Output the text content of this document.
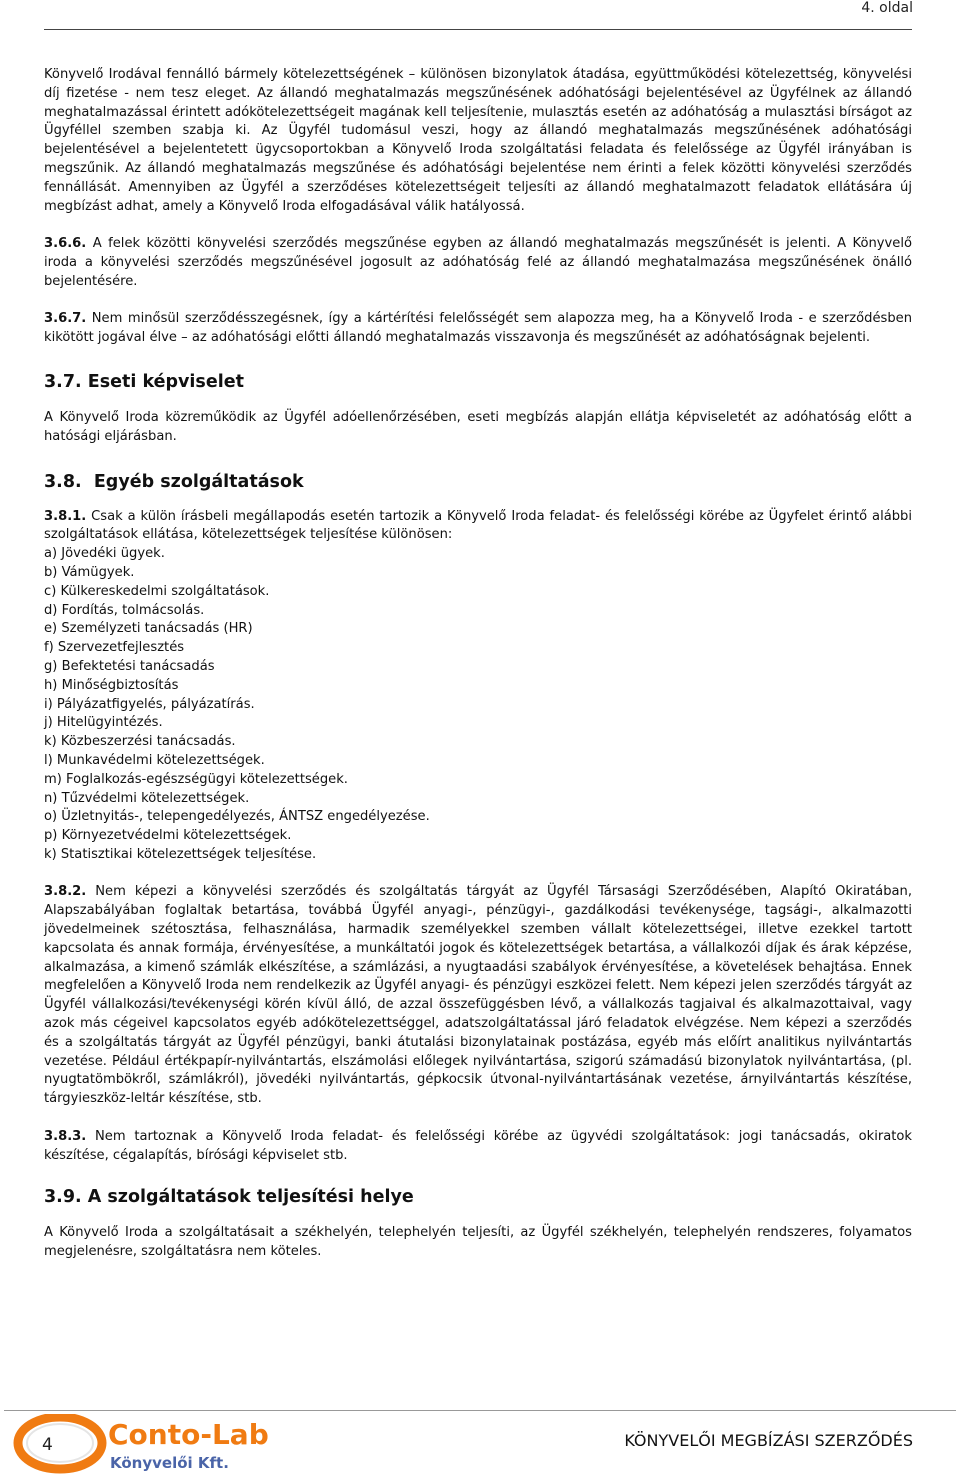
4. oldal

Könyvelő Irodával fennálló bármely kötelezettségének – különösen bizonylatok átadása, együttműködési kötelezettség, könyvelési díj fizetése - nem tesz eleget. Az állandó meghatalmazás megszűnésének adóhatósági bejelentésével az Ügyfélnek az állandó meghatalmazással érintett adókötelezettségeit magának kell teljesítenie, mulasztás esetén az adóhatóság a mulasztási bírságot az Ügyféllel szemben szabja ki. Az Ügyfél tudomásul veszi, hogy az állandó meghatalmazás megszűnésének adóhatósági bejelentésével a bejelentetett ügycsoportokban a Könyvelő Iroda szolgáltatási feladata és felelőssége az Ügyfél irányában is megszűnik. Az állandó meghatalmazás megszűnése és adóhatósági bejelentése nem érinti a felek közötti könyvelési szerződés fennállását. Amennyiben az Ügyfél a szerződéses kötelezettségeit teljesíti az állandó meghatalmazott feladatok ellátására új megbízást adhat, amely a Könyvelő Iroda elfogadásával válik hatályossá.

3.6.6. A felek közötti könyvelési szerződés megszűnése egyben az állandó meghatalmazás megszűnését is jelenti. A Könyvelő iroda a könyvelési szerződés megszűnésével jogosult az adóhatóság felé az állandó meghatalmazása megszűnésének önálló bejelentésére.

3.6.7. Nem minősül szerződésszegésnek, így a kártérítési felelősségét sem alapozza meg, ha a Könyvelő Iroda - e szerződésben kikötött jogával élve – az adóhatósági előtti állandó meghatalmazás visszavonja és megszűnését az adóhatóságnak bejelenti.

3.7. Eseti képviselet

A Könyvelő Iroda közreműködik az Ügyfél adóellenőrzésében, eseti megbízás alapján ellátja képviseletét az adóhatóság előtt a hatósági eljárásban.

3.8. Egyéb szolgáltatások

3.8.1. Csak a külön írásbeli megállapodás esetén tartozik a Könyvelő Iroda feladat- és felelősségi körébe az Ügyfelet érintő alábbi szolgáltatások ellátása, kötelezettségek teljesítése különösen:

a) Jövedéki ügyek.

b) Vámügyek.

c) Külkereskedelmi szolgáltatások.

d) Fordítás, tolmácsolás.

e) Személyzeti tanácsadás (HR)

f) Szervezetfejlesztés

g) Befektetési tanácsadás

h) Minőségbiztosítás

i) Pályázatfigyelés, pályázatírás.

j) Hitelügyintézés.

k) Közbeszerzési tanácsadás.

l) Munkavédelmi kötelezettségek.

m) Foglalkozás-egészségügyi kötelezettségek.

n) Tűzvédelmi kötelezettségek.

o) Üzletnyitás-, telepengedélyezés, ÁNTSZ engedélyezése.

p) Környezetvédelmi kötelezettségek.

k) Statisztikai kötelezettségek teljesítése.

3.8.2. Nem képezi a könyvelési szerződés és szolgáltatás tárgyát az Ügyfél Társasági Szerződésében, Alapító Okiratában, Alapszabályában foglaltak betartása, továbbá Ügyfél anyagi-, pénzügyi-, gazdálkodási tevékenysége, tagsági-, alkalmazotti jövedelmeinek szétosztása, felhasználása, harmadik személyekkel szemben vállalt kötelezettségei, illetve ezekkel tartott kapcsolata és annak formája, érvényesítése, a munkáltatói jogok és kötelezettségek betartása, a vállalkozói díjak és árak képzése, alkalmazása, a kimenő számlák elkészítése, a számlázási, a nyugtaadási szabályok érvényesítése, a követelések behajtása. Ennek megfelelően a Könyvelő Iroda nem rendelkezik az Ügyfél anyagi- és pénzügyi eszközei felett. Nem képezi jelen szerződés tárgyát az Ügyfél vállalkozási/tevékenységi körén kívül álló, de azzal összefüggésben lévő, a vállalkozás tagjaival és alkalmazottaival, vagy azok más cégeivel kapcsolatos egyéb adókötelezettséggel, adatszolgáltatással járó feladatok elvégzése. Nem képezi a szerződés és a szolgáltatás tárgyát az Ügyfél pénzügyi, banki átutalási bizonylatainak postázása, egyéb más előírt analitikus nyilvántartás vezetése. Például értékpapír-nyilvántartás, elszámolási előlegek nyilvántartása, szigorú számadású bizonylatok nyilvántartása, (pl. nyugtatömbökről, számlákról), jövedéki nyilvántartás, gépkocsik útvonal-nyilvántartásának vezetése, árnyilvántartás készítése, tárgyieszköz-leltár készítése, stb.

3.8.3. Nem tartoznak a Könyvelő Iroda feladat- és felelősségi körébe az ügyvédi szolgáltatások: jogi tanácsadás, okiratok készítése, cégalapítás, bírósági képviselet stb.

3.9. A szolgáltatások teljesítési helye

A Könyvelő Iroda a szolgáltatásait a székhelyén, telephelyén teljesíti, az Ügyfél székhelyén, telephelyén rendszeres, folyamatos megjelenésre, szolgáltatásra nem köteles.

4 Conto-Lab
Könyvelői Kft.
KÖNYVELŐI MEGBÍZÁSI SZERZŐDÉS
